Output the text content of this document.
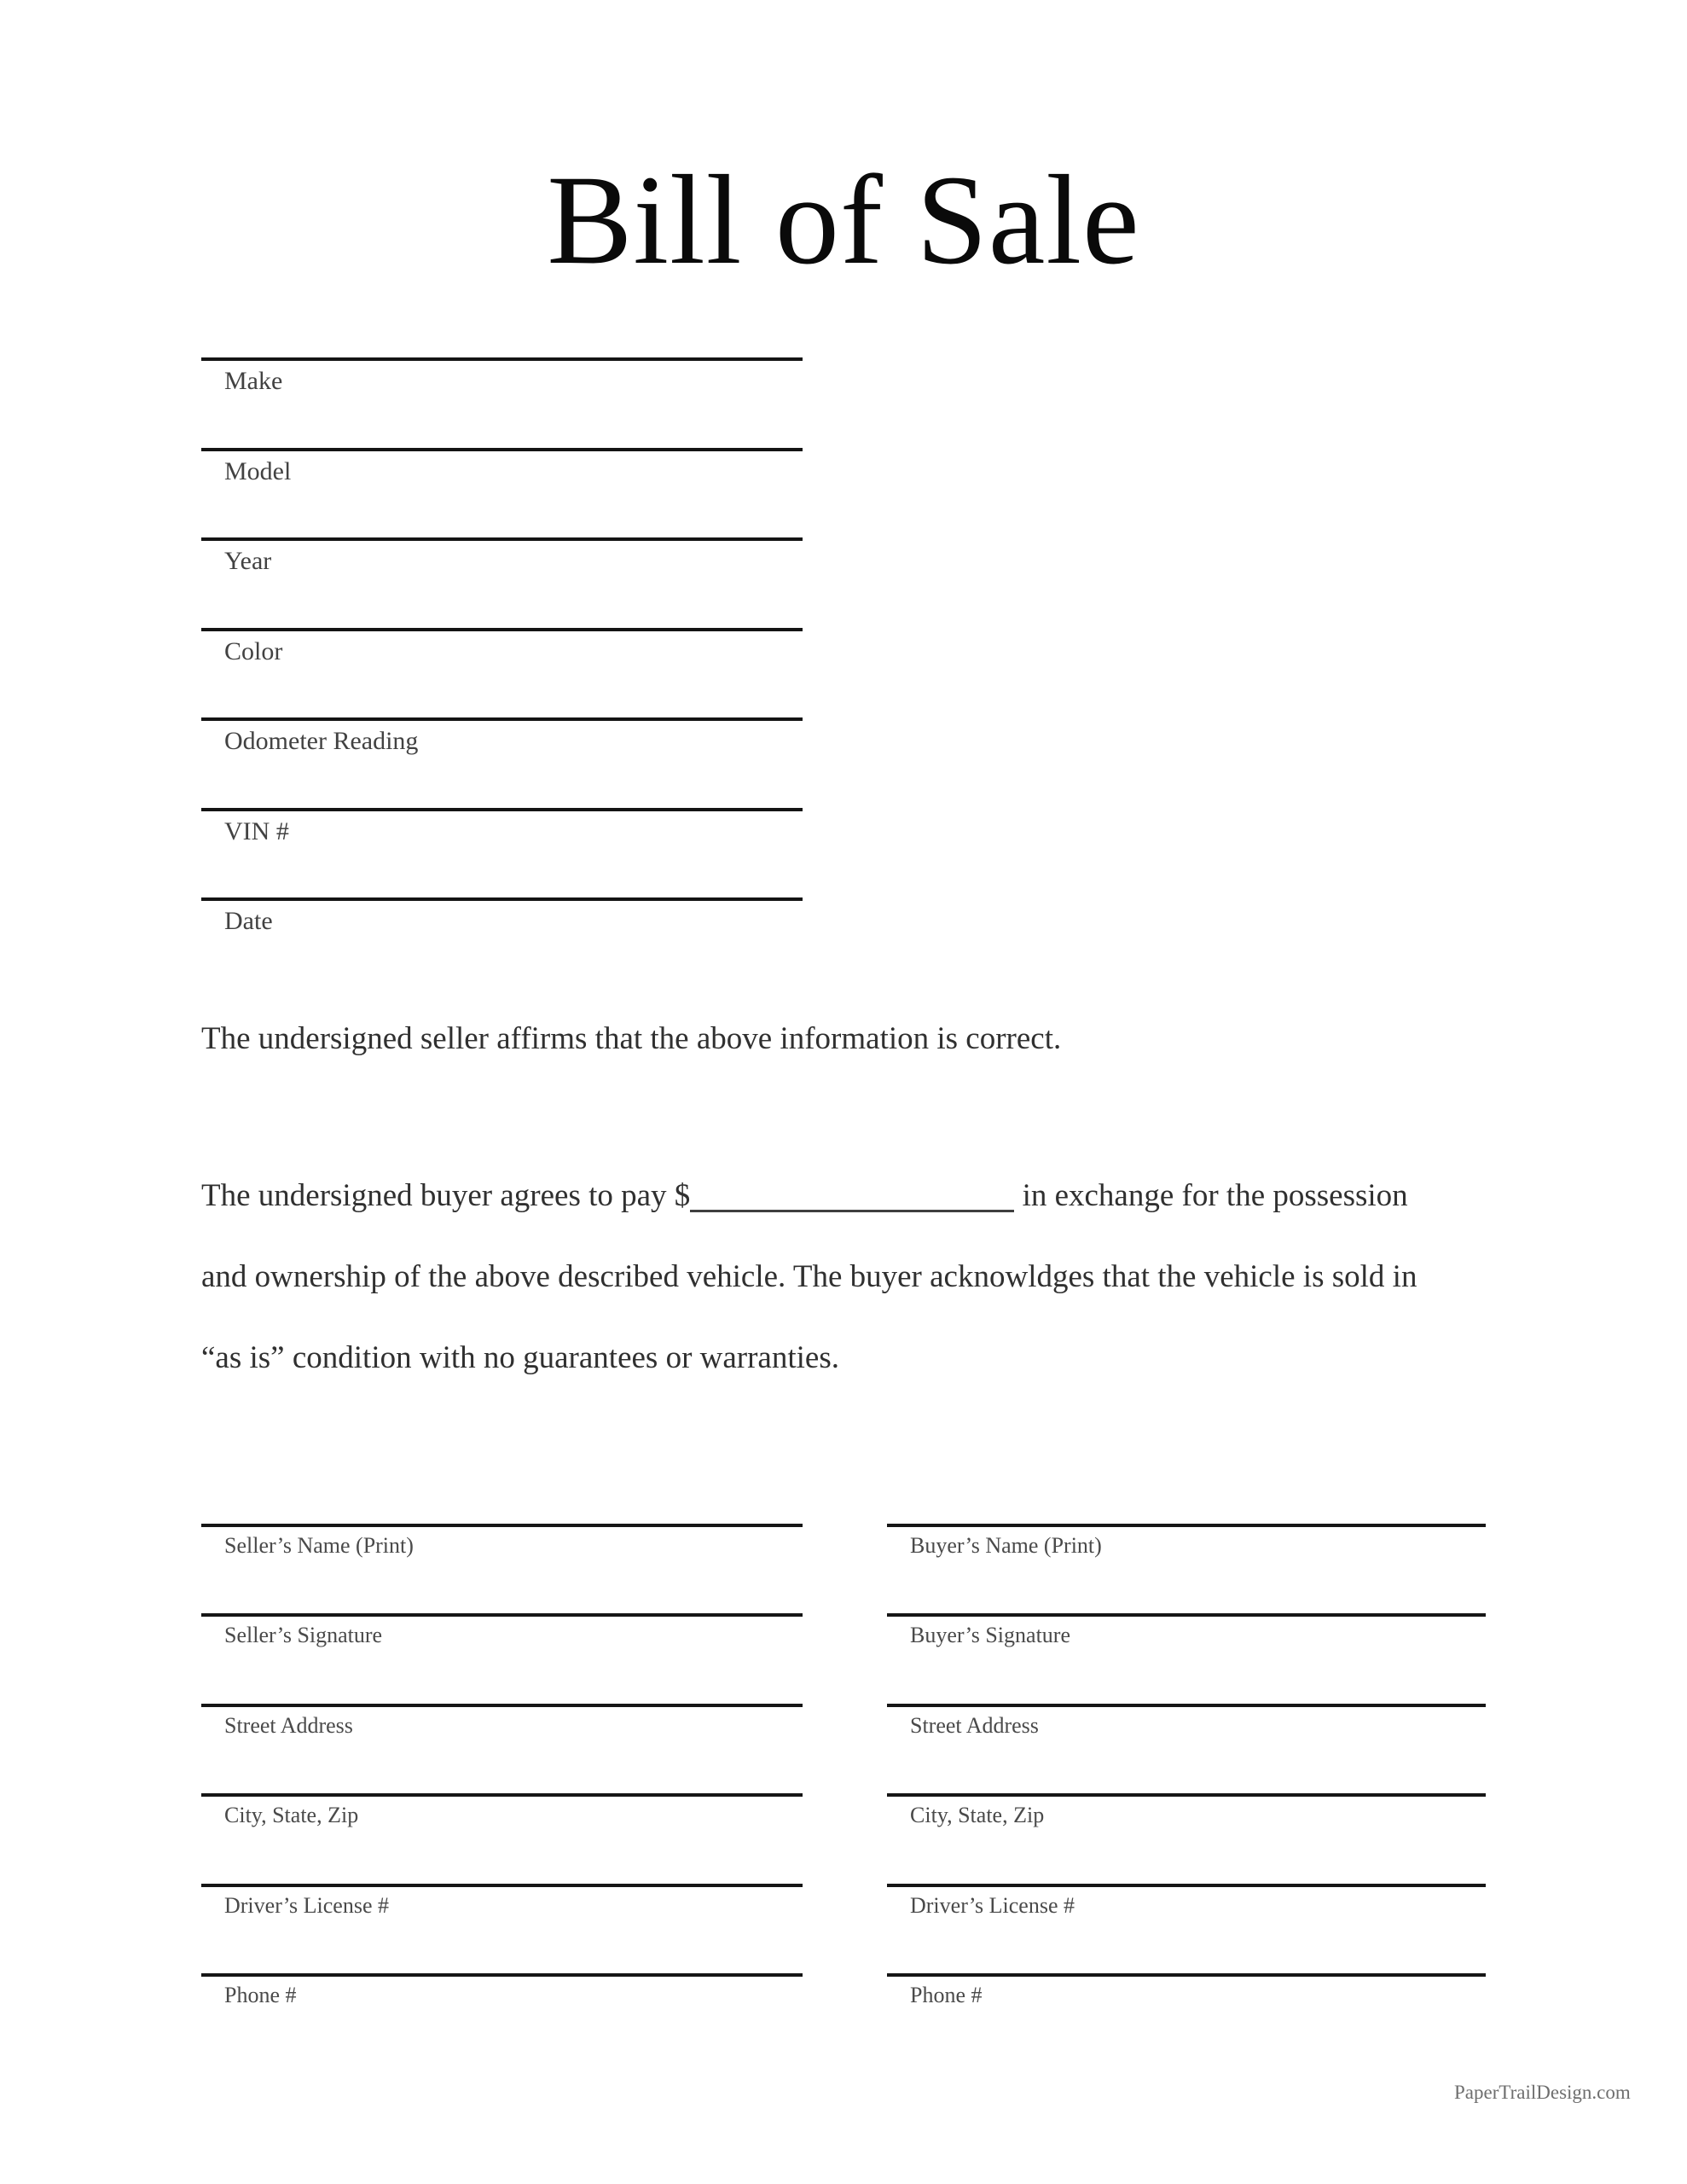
Bill of Sale
Make
Model
Year
Color
Odometer Reading
VIN #
Date
The undersigned seller affirms that the above information is correct.
The undersigned buyer agrees to pay $	in exchange for the possession
and ownership of the above described vehicle. The buyer acknowldges that the vehicle is sold in
“as is” condition with no guarantees or warranties.
Seller’s Name (Print)
Seller’s Signature
Street Address
City, State, Zip
Driver’s License #
Phone #
Buyer’s Name (Print)
Buyer’s Signature
Street Address
City, State, Zip
Driver’s License #
Phone #
PaperTrailDesign.com
